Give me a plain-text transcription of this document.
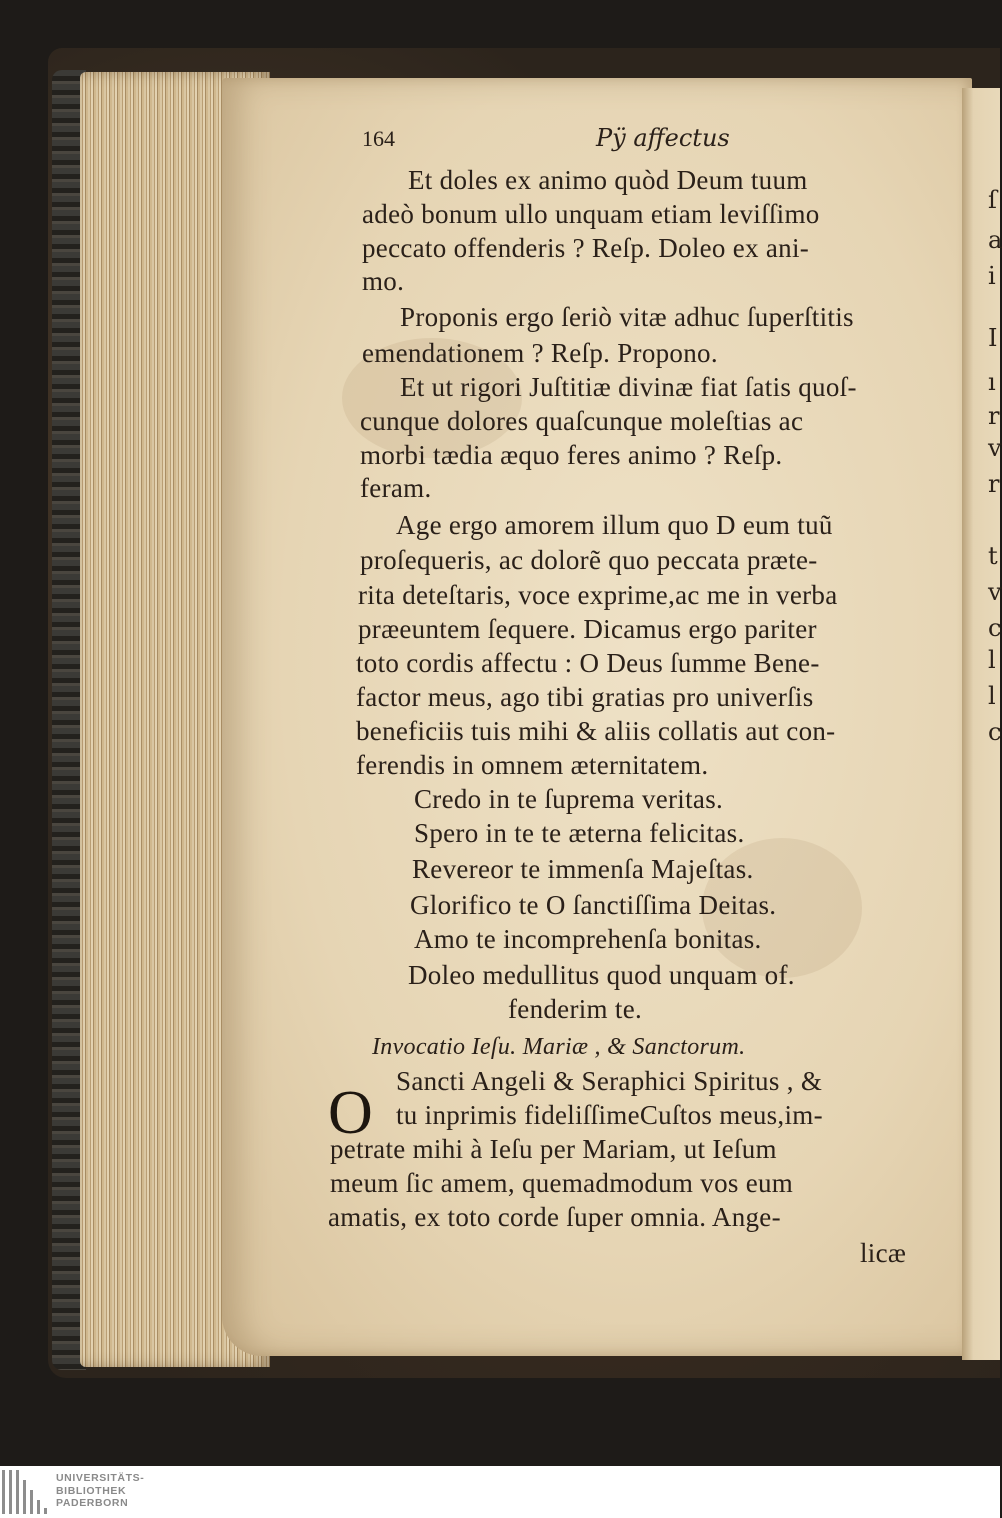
ſ
a
i
I
ı
r
v
r
t
v
c
l
l
c
164	Pÿ affectus
Et doles ex animo quòd Deum tuum
adeò bonum ullo unquam etiam leviſſimo
peccato offenderis ? Reſp. Doleo ex ani-
mo.
Proponis ergo ſeriò vitæ adhuc ſuperſtitis
emendationem ? Reſp. Propono.
Et ut rigori Juſtitiæ divinæ fiat ſatis quoſ-
cunque dolores quaſcunque moleſtias ac
morbi tædia æquo feres animo ? Reſp.
feram.
Age ergo amorem illum quo D eum tuũ
proſequeris, ac dolorẽ quo peccata præte-
rita deteſtaris, voce exprime,ac me in verba
præeuntem ſequere. Dicamus ergo pariter
toto cordis affectu : O Deus ſumme Bene-
factor meus, ago tibi gratias pro univerſis
beneficiis tuis mihi & aliis collatis aut con-
ferendis in omnem æternitatem.
Credo in te ſuprema veritas.
Spero in te te æterna felicitas.
Revereor te immenſa Majeſtas.
Glorifico te O ſanctiſſima Deitas.
Amo te incomprehenſa bonitas.
Doleo medullitus quod unquam of.
fenderim te.
Invocatio Ieſu. Mariæ , & Sanctorum.
O Sancti Angeli & Seraphici Spiritus , &
tu inprimis fideliſſimeCuſtos meus,im-
petrate mihi à Ieſu per Mariam, ut Ieſum
meum ſic amem, quemadmodum vos eum
amatis, ex toto corde ſuper omnia. Ange-
licæ
UNIVERSITÄTS-
BIBLIOTHEK
PADERBORN
